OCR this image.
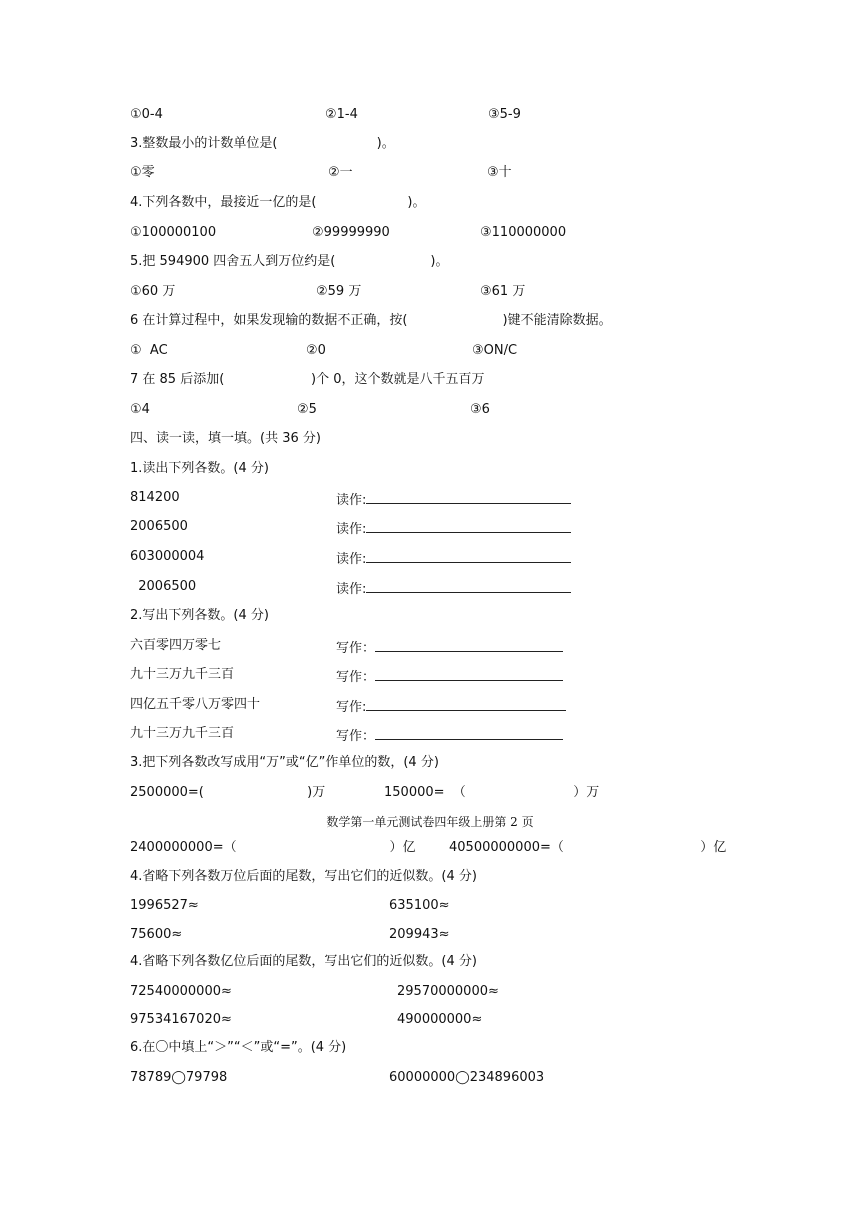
①0-4	②1-4	③5-9
3.整数最小的计数单位是(                        )。
①零	②一	③十
4.下列各数中，最接近一亿的是(                      )。
①100000100	②99999990	③110000000
5.把 594900 四舍五人到万位约是(                       )。
①60 万	②59 万	③61 万
6 在计算过程中，如果发现输的数据不正确，按(                       )键不能清除数据。
①  AC	②0	③ON/C
7 在 85 后添加(                     )个 0，这个数就是八千五百万
①4	②5	③6
四、读一读，填一填。(共 36 分)
1.读出下列各数。(4 分)
814200	读作:
2006500	读作:
603000004	读作:
2006500	读作:
2.写出下列各数。(4 分)
六百零四万零七	写作：
九十三万九千三百	写作：
四亿五千零八万零四十	写作:
九十三万九千三百	写作：
3.把下列各数改写成用“万”或“亿”作单位的数，(4 分)
2500000=(                         )万	150000=  （                          ）万
数学第一单元测试卷四年级上册第 2 页
2400000000=（                                     ）亿	40500000000=（                                 ）亿
4.省略下列各数万位后面的尾数，写出它们的近似数。(4 分)
1996527≈	635100≈
75600≈	209943≈
4.省略下列各数亿位后面的尾数，写出它们的近似数。(4 分)
72540000000≈	29570000000≈
97534167020≈	490000000≈
6.在〇中填上“＞”“＜”或“=”。(4 分)
78789◯79798	60000000◯234896003
